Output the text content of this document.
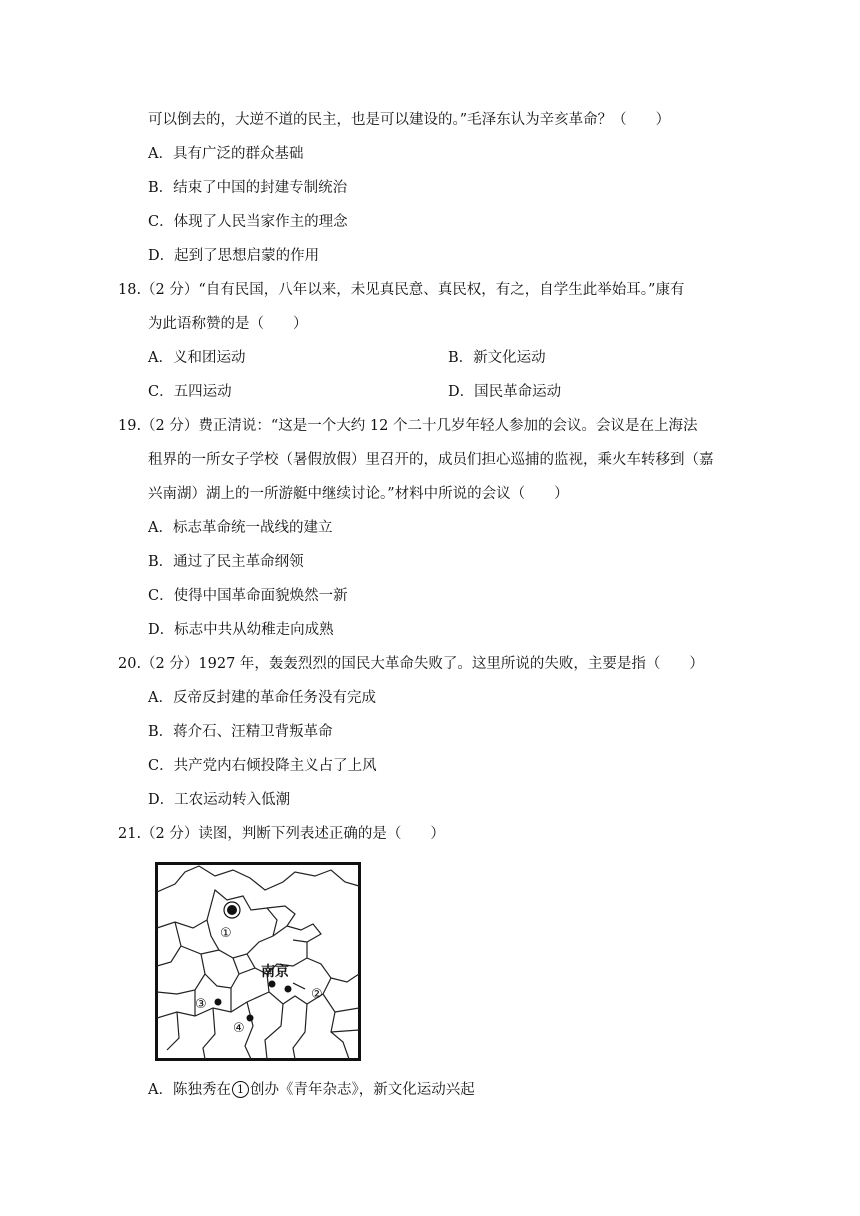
可以倒去的，大逆不道的民主，也是可以建设的。”毛泽东认为辛亥革命？（　　）
A．具有广泛的群众基础
B．结束了中国的封建专制统治
C．体现了人民当家作主的理念
D．起到了思想启蒙的作用
18.（2 分）“自有民国，八年以来，未见真民意、真民权，有之，自学生此举始耳。”康有
为此语称赞的是（　　）
A．义和团运动	B．新文化运动
C．五四运动	D．国民革命运动
19.（2 分）费正清说：“这是一个大约 12 个二十几岁年轻人参加的会议。会议是在上海法
租界的一所女子学校（暑假放假）里召开的，成员们担心巡捕的监视，乘火车转移到（嘉
兴南湖）湖上的一所游艇中继续讨论。”材料中所说的会议（　　）
A．标志革命统一战线的建立
B．通过了民主革命纲领
C．使得中国革命面貌焕然一新
D．标志中共从幼稚走向成熟
20.（2 分）1927 年，轰轰烈烈的国民大革命失败了。这里所说的失败，主要是指（　　）
A．反帝反封建的革命任务没有完成
B．蒋介石、汪精卫背叛革命
C．共产党内右倾投降主义占了上风
D．工农运动转入低潮
21.（2 分）读图，判断下列表述正确的是（　　）
南京
①
②
③
④
A．陈独秀在 1 创办《青年杂志》，新文化运动兴起
